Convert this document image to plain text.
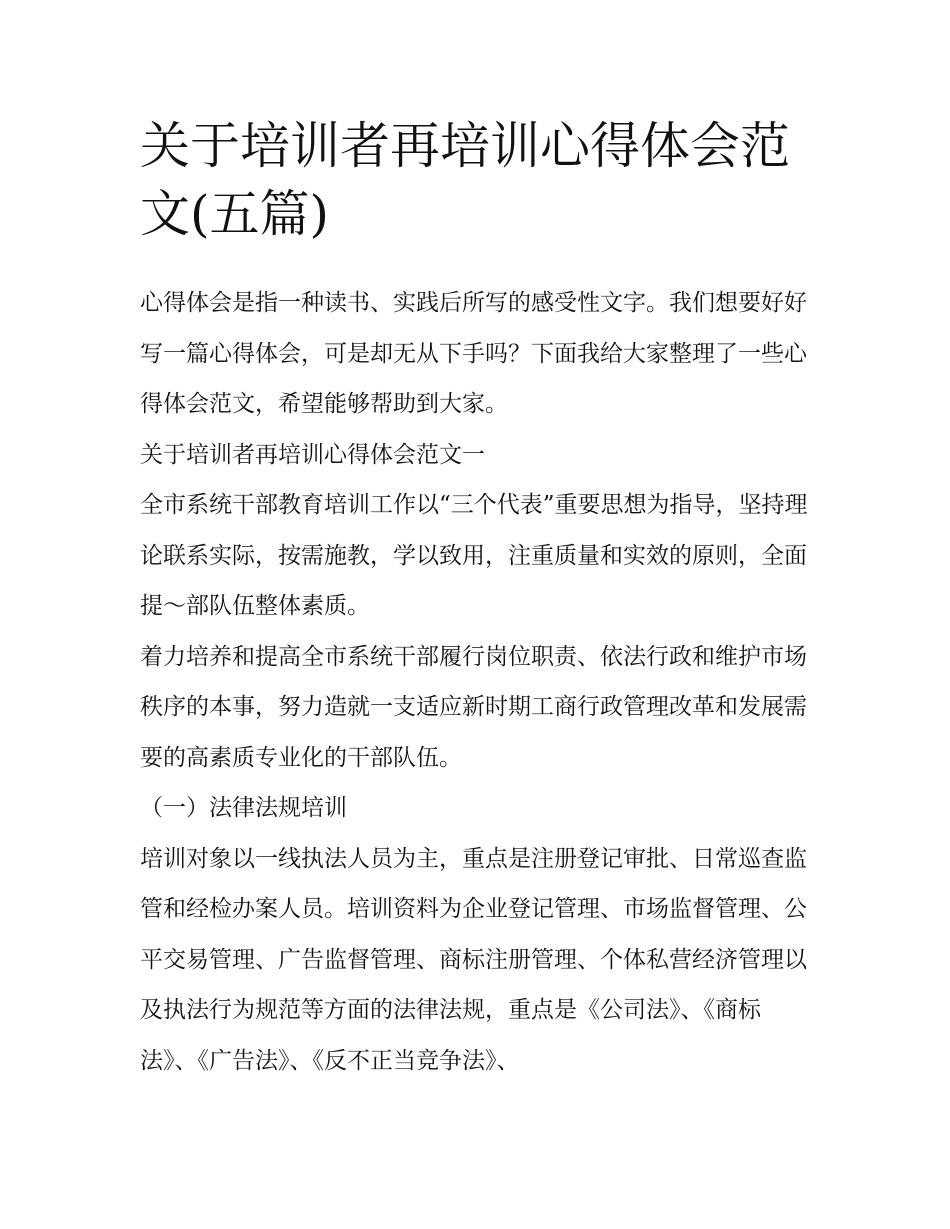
关于培训者再培训心得体会范文(五篇)

心得体会是指一种读书、实践后所写的感受性文字。我们想要好好写一篇心得体会，可是却无从下手吗？下面我给大家整理了一些心得体会范文，希望能够帮助到大家。

关于培训者再培训心得体会范文一

全市系统干部教育培训工作以“三个代表”重要思想为指导，坚持理论联系实际，按需施教，学以致用，注重质量和实效的原则，全面提～部队伍整体素质。

着力培养和提高全市系统干部履行岗位职责、依法行政和维护市场秩序的本事，努力造就一支适应新时期工商行政管理改革和发展需要的高素质专业化的干部队伍。

（一）法律法规培训

培训对象以一线执法人员为主，重点是注册登记审批、日常巡查监管和经检办案人员。培训资料为企业登记管理、市场监督管理、公平交易管理、广告监督管理、商标注册管理、个体私营经济管理以及执法行为规范等方面的法律法规，重点是《公司法》、《商标法》、《广告法》、《反不正当竞争法》、
